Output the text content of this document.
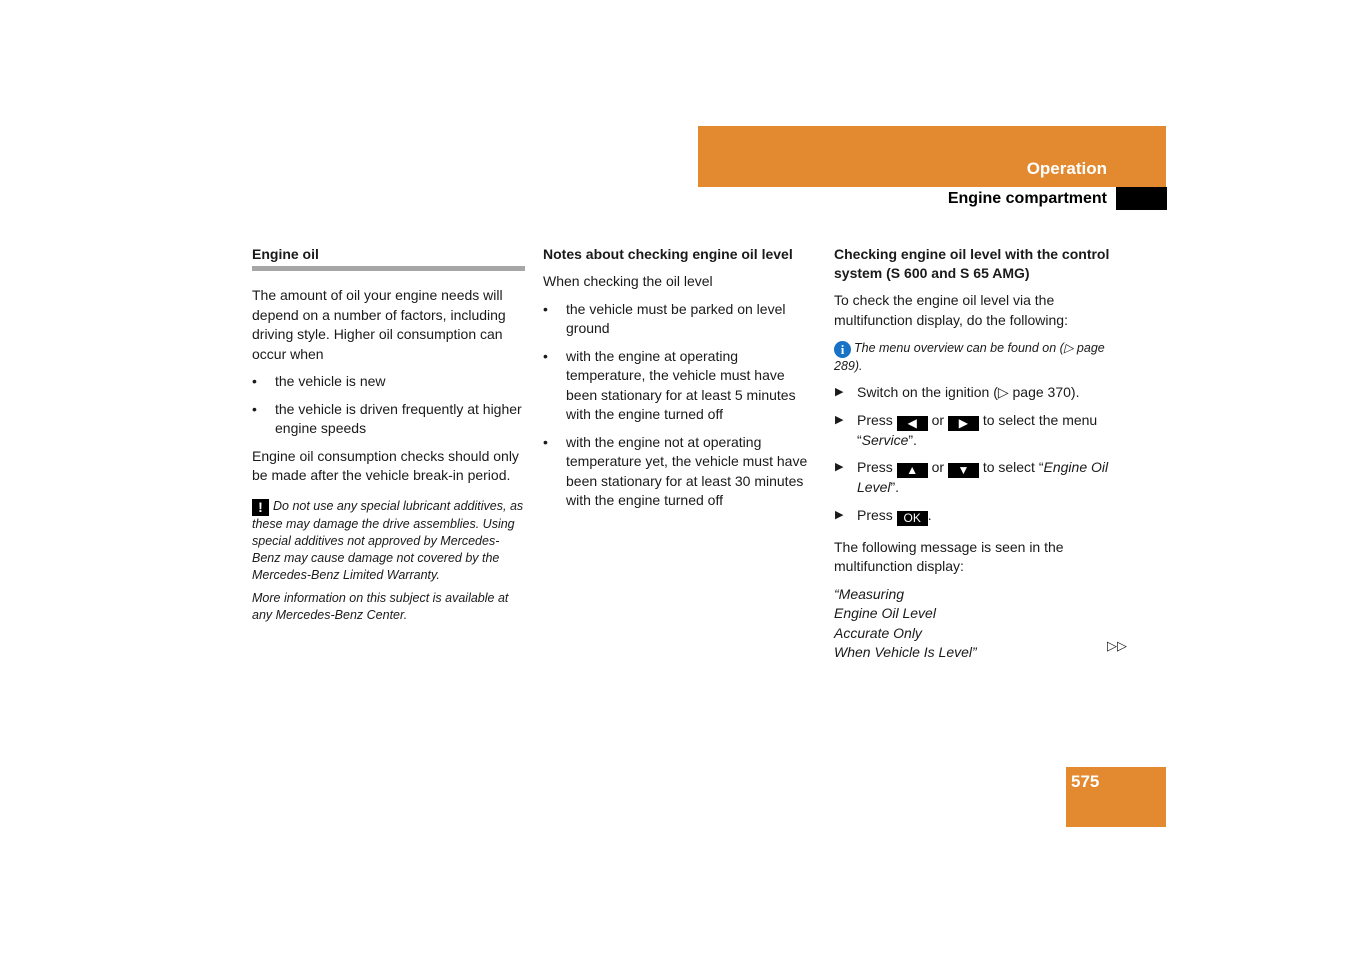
Operation
Engine compartment
Engine oil

The amount of oil your engine needs will depend on a number of factors, including driving style. Higher oil consumption can occur when

• the vehicle is new
• the vehicle is driven frequently at higher engine speeds

Engine oil consumption checks should only be made after the vehicle break-in period.

! Do not use any special lubricant additives, as these may damage the drive assemblies. Using special additives not approved by Mercedes-Benz may cause damage not covered by the Mercedes-Benz Limited Warranty.

More information on this subject is available at any Mercedes-Benz Center.

Notes about checking engine oil level

When checking the oil level

• the vehicle must be parked on level ground
• with the engine at operating temperature, the vehicle must have been stationary for at least 5 minutes with the engine turned off
• with the engine not at operating temperature yet, the vehicle must have been stationary for at least 30 minutes with the engine turned off
Checking engine oil level with the control system (S 600 and S 65 AMG)

To check the engine oil level via the multifunction display, do the following:

i The menu overview can be found on (▷ page 289).

▶ Switch on the ignition (▷ page 370).
▶ Press ◀ or ▶ to select the menu “Service”.
▶ Press ▲ or ▼ to select “Engine Oil Level”.
▶ Press OK .

The following message is seen in the multifunction display:

“Measuring

Engine Oil Level

Accurate Only

When Vehicle Is Level”	▷▷
575
